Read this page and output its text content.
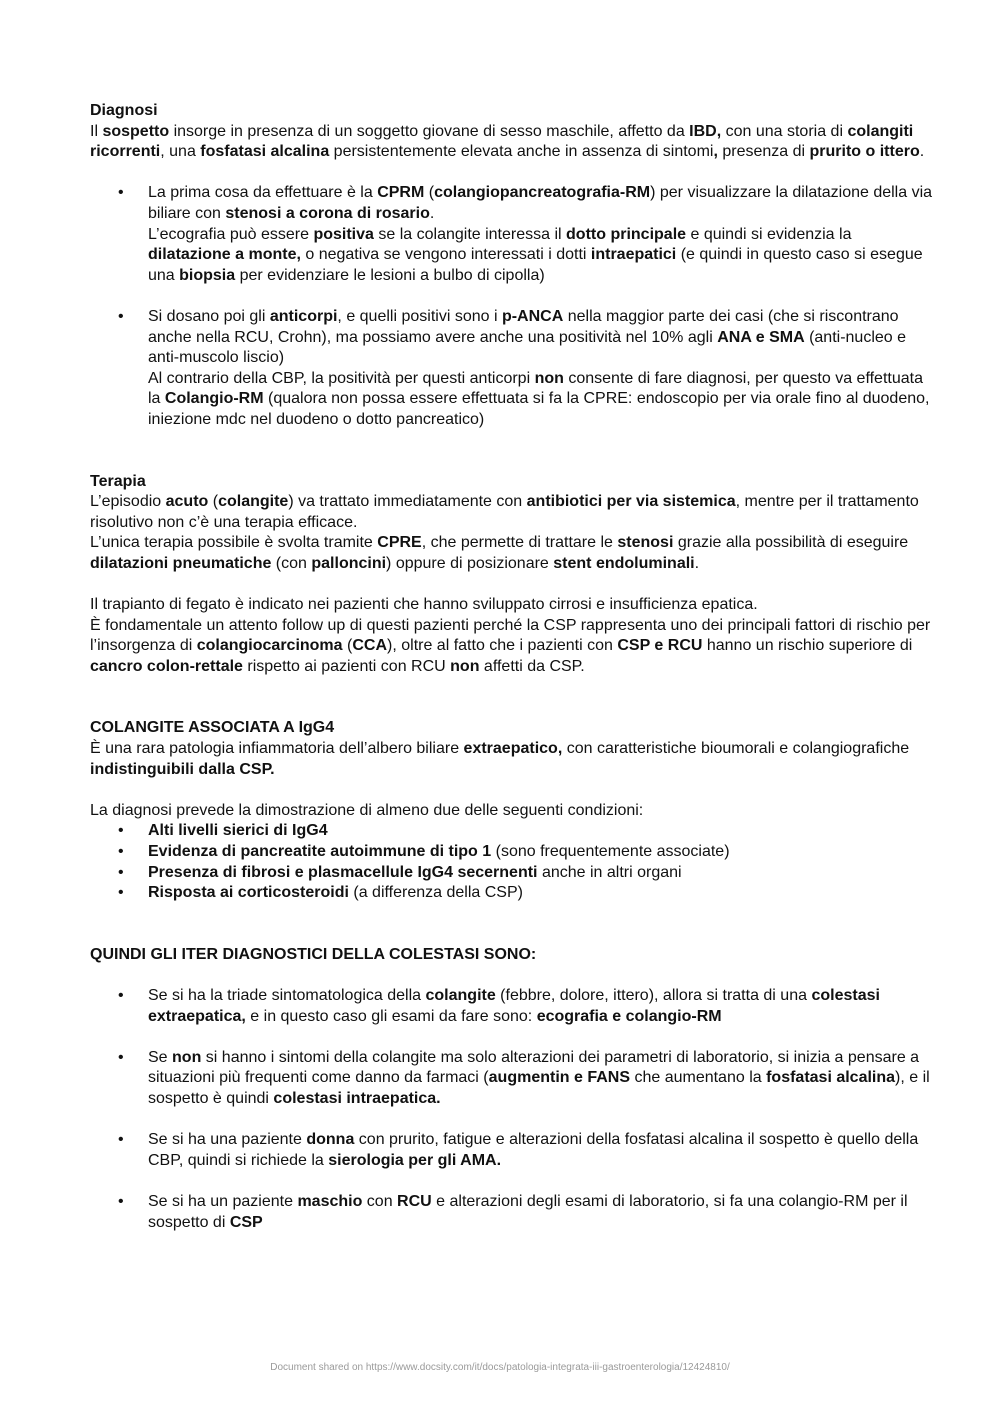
Diagnosi
Il sospetto insorge in presenza di un soggetto giovane di sesso maschile, affetto da IBD, con una storia di colangiti ricorrenti, una fosfatasi alcalina persistentemente elevata anche in assenza di sintomi, presenza di prurito o ittero.
• La prima cosa da effettuare è la CPRM (colangiopancreatografia-RM) per visualizzare la dilatazione della via biliare con stenosi a corona di rosario.
L’ecografia può essere positiva se la colangite interessa il dotto principale e quindi si evidenzia la dilatazione a monte, o negativa se vengono interessati i dotti intraepatici (e quindi in questo caso si esegue una biopsia per evidenziare le lesioni a bulbo di cipolla)
• Si dosano poi gli anticorpi, e quelli positivi sono i p-ANCA nella maggior parte dei casi (che si riscontrano anche nella RCU, Crohn), ma possiamo avere anche una positività nel 10% agli ANA e SMA (anti-nucleo e anti-muscolo liscio)
Al contrario della CBP, la positività per questi anticorpi non consente di fare diagnosi, per questo va effettuata la Colangio-RM (qualora non possa essere effettuata si fa la CPRE: endoscopio per via orale fino al duodeno, iniezione mdc nel duodeno o dotto pancreatico)
Terapia
L’episodio acuto (colangite) va trattato immediatamente con antibiotici per via sistemica, mentre per il trattamento risolutivo non c’è una terapia efficace.
L’unica terapia possibile è svolta tramite CPRE, che permette di trattare le stenosi grazie alla possibilità di eseguire dilatazioni pneumatiche (con palloncini) oppure di posizionare stent endoluminali.
Il trapianto di fegato è indicato nei pazienti che hanno sviluppato cirrosi e insufficienza epatica.
È fondamentale un attento follow up di questi pazienti perché la CSP rappresenta uno dei principali fattori di rischio per l’insorgenza di colangiocarcinoma (CCA), oltre al fatto che i pazienti con CSP e RCU hanno un rischio superiore di cancro colon-rettale rispetto ai pazienti con RCU non affetti da CSP.
COLANGITE ASSOCIATA A IgG4
È una rara patologia infiammatoria dell’albero biliare extraepatico, con caratteristiche bioumorali e colangiografiche indistinguibili dalla CSP.
La diagnosi prevede la dimostrazione di almeno due delle seguenti condizioni:
• Alti livelli sierici di IgG4
• Evidenza di pancreatite autoimmune di tipo 1 (sono frequentemente associate)
• Presenza di fibrosi e plasmacellule IgG4 secernenti anche in altri organi
• Risposta ai corticosteroidi (a differenza della CSP)
QUINDI GLI ITER DIAGNOSTICI DELLA COLESTASI SONO:
• Se si ha la triade sintomatologica della colangite (febbre, dolore, ittero), allora si tratta di una colestasi extraepatica, e in questo caso gli esami da fare sono: ecografia e colangio-RM
• Se non si hanno i sintomi della colangite ma solo alterazioni dei parametri di laboratorio, si inizia a pensare a situazioni più frequenti come danno da farmaci (augmentin e FANS che aumentano la fosfatasi alcalina), e il sospetto è quindi colestasi intraepatica.
• Se si ha una paziente donna con prurito, fatigue e alterazioni della fosfatasi alcalina il sospetto è quello della CBP, quindi si richiede la sierologia per gli AMA.
• Se si ha un paziente maschio con RCU e alterazioni degli esami di laboratorio, si fa una colangio-RM per il sospetto di CSP
Document shared on https://www.docsity.com/it/docs/patologia-integrata-iii-gastroenterologia/12424810/
